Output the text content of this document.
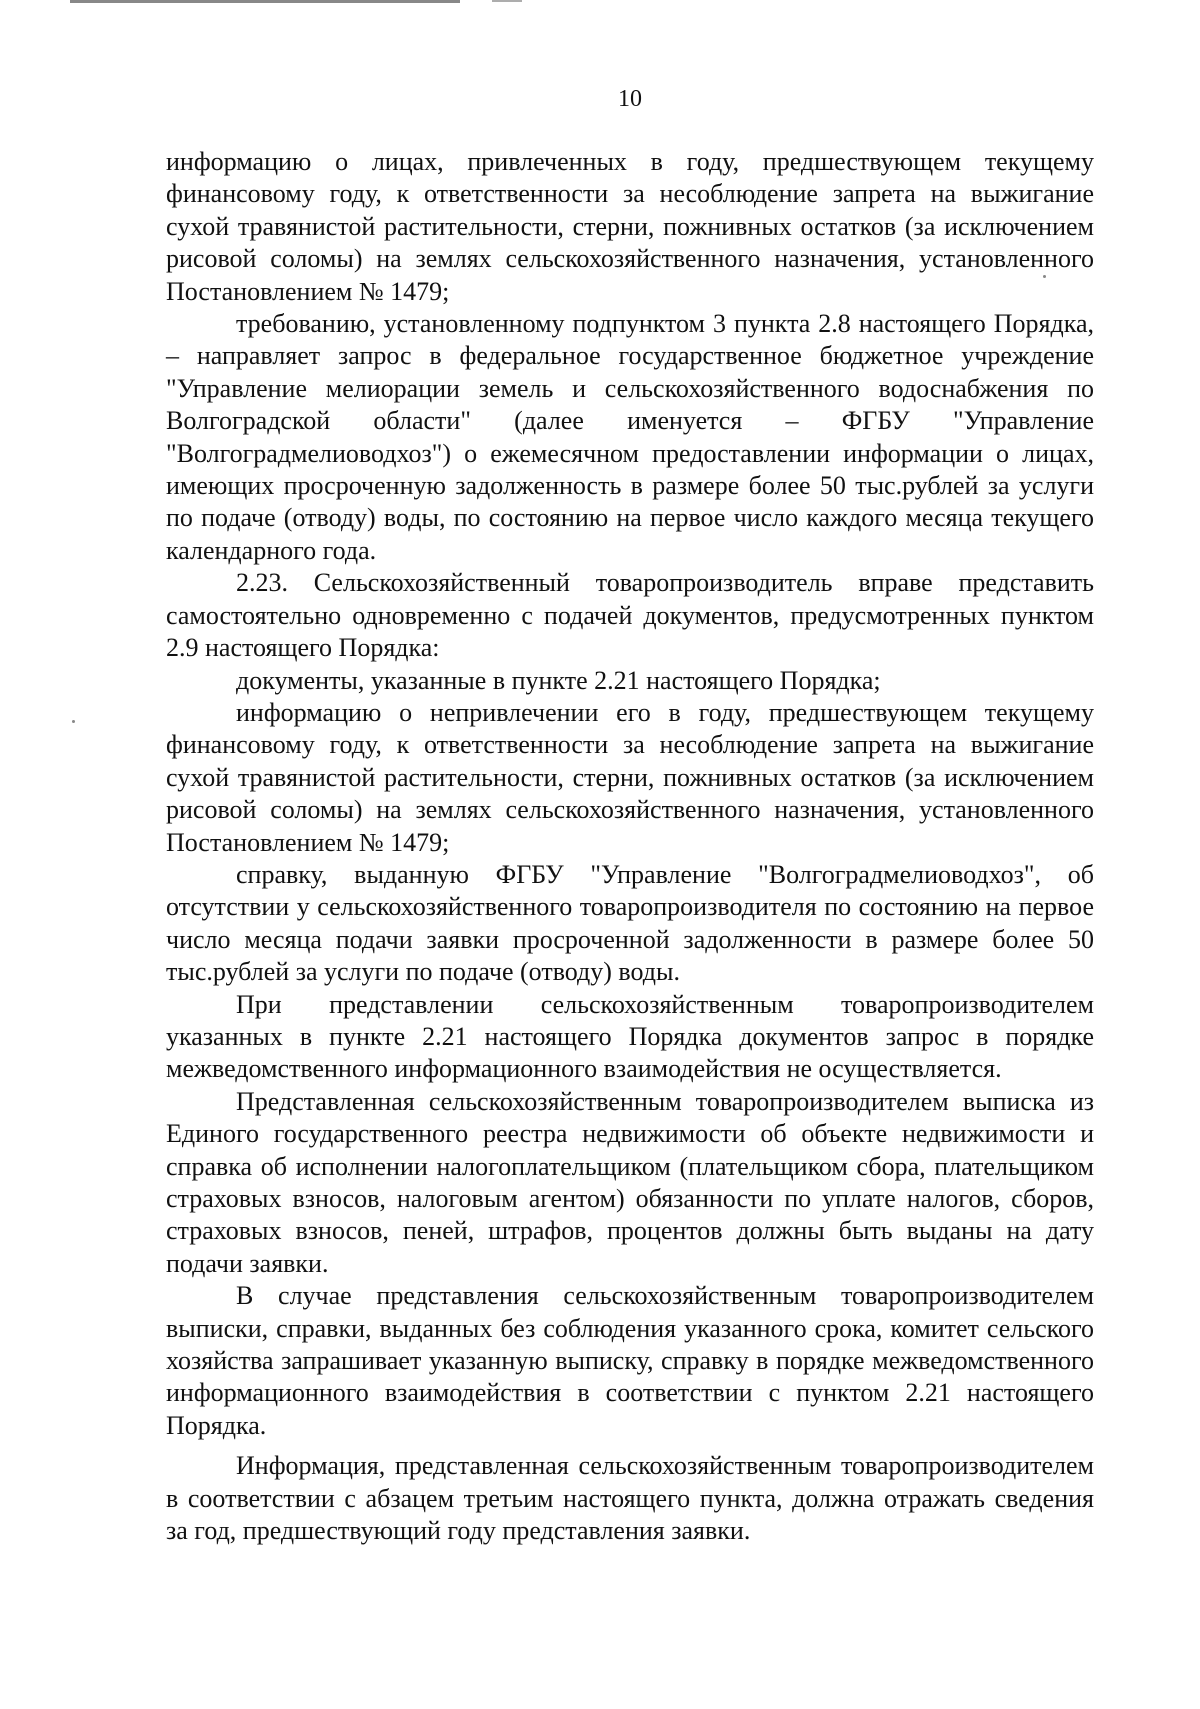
10

информацию о лицах, привлеченных в году, предшествующем текущему финансовому году, к ответственности за несоблюдение запрета на выжигание сухой травянистой растительности, стерни, пожнивных остатков (за исключением рисовой соломы) на землях сельскохозяйственного назначения, установленного Постановлением № 1479;

требованию, установленному подпунктом 3 пункта 2.8 настоящего Порядка, – направляет запрос в федеральное государственное бюджетное учреждение "Управление мелиорации земель и сельскохозяйственного водоснабжения по Волгоградской области" (далее именуется – ФГБУ "Управление "Волгоградмелиоводхоз") о ежемесячном предоставлении информации о лицах, имеющих просроченную задолженность в размере более 50 тыс.рублей за услуги по подаче (отводу) воды, по состоянию на первое число каждого месяца текущего календарного года.

2.23. Сельскохозяйственный товаропроизводитель вправе представить самостоятельно одновременно с подачей документов, предусмотренных пунктом 2.9 настоящего Порядка:

документы, указанные в пункте 2.21 настоящего Порядка;

информацию о непривлечении его в году, предшествующем текущему финансовому году, к ответственности за несоблюдение запрета на выжигание сухой травянистой растительности, стерни, пожнивных остатков (за исключением рисовой соломы) на землях сельскохозяйственного назначения, установленного Постановлением № 1479;

справку, выданную ФГБУ "Управление "Волгоградмелиоводхоз", об отсутствии у сельскохозяйственного товаропроизводителя по состоянию на первое число месяца подачи заявки просроченной задолженности в размере более 50 тыс.рублей за услуги по подаче (отводу) воды.

При представлении сельскохозяйственным товаропроизводителем указанных в пункте 2.21 настоящего Порядка документов запрос в порядке межведомственного информационного взаимодействия не осуществляется.

Представленная сельскохозяйственным товаропроизводителем выписка из Единого государственного реестра недвижимости об объекте недвижимости и справка об исполнении налогоплательщиком (плательщиком сбора, плательщиком страховых взносов, налоговым агентом) обязанности по уплате налогов, сборов, страховых взносов, пеней, штрафов, процентов должны быть выданы на дату подачи заявки.

В случае представления сельскохозяйственным товаропроизводителем выписки, справки, выданных без соблюдения указанного срока, комитет сельского хозяйства запрашивает указанную выписку, справку в порядке межведомственного информационного взаимодействия в соответствии с пунктом 2.21 настоящего Порядка.

Информация, представленная сельскохозяйственным товаропроизводителем в соответствии с абзацем третьим настоящего пункта, должна отражать сведения за год, предшествующий году представления заявки.
